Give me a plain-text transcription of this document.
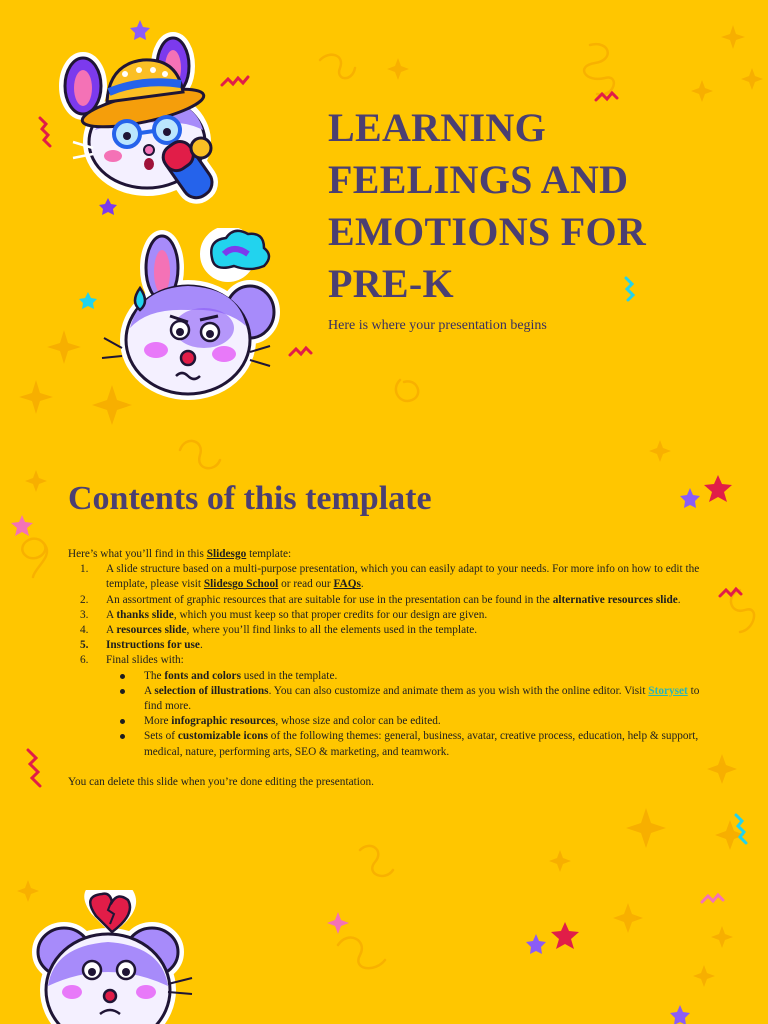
LEARNING FEELINGS AND EMOTIONS FOR PRE-K

Here is where your presentation begins

Contents of this template

Here’s what you’ll find in this Slidesgo template:

1. A slide structure based on a multi-purpose presentation, which you can easily adapt to your needs. For more info on how to edit the template, please visit Slidesgo School or read our FAQs.
2. An assortment of graphic resources that are suitable for use in the presentation can be found in the alternative resources slide.
3. A thanks slide, which you must keep so that proper credits for our design are given.
4. A resources slide, where you’ll find links to all the elements used in the template.
5. Instructions for use.
6. Final slides with:
The fonts and colors used in the template.
A selection of illustrations. You can also customize and animate them as you wish with the online editor. Visit Storyset to find more.
More infographic resources, whose size and color can be edited.
Sets of customizable icons of the following themes: general, business, avatar, creative process, education, help & support, medical, nature, performing arts, SEO & marketing, and teamwork.

You can delete this slide when you’re done editing the presentation.
